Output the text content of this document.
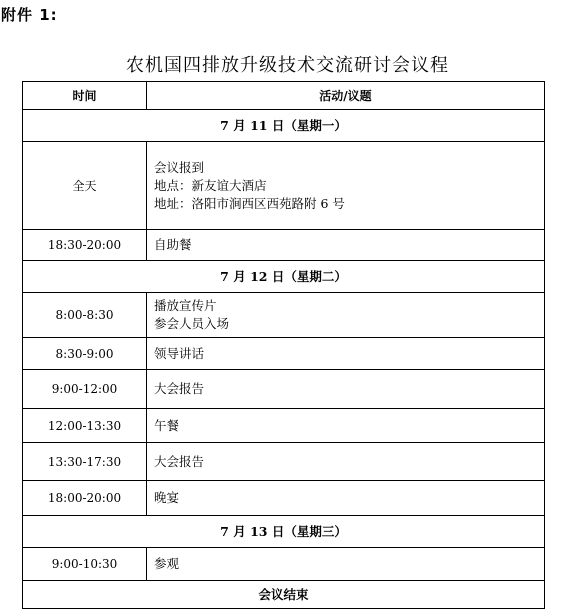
附件 1:
农机国四排放升级技术交流研讨会议程
时间	活动/议题
7 月 11 日（星期一）	
全天	会议报到
地点：新友谊大酒店
地址：洛阳市涧西区西苑路附 6 号

18:30-20:00	自助餐

7 月 12 日（星期二）	
8:00-8:30	播放宣传片
参会人员入场

8:30-9:00	领导讲话

9:00-12:00	大会报告

12:00-13:30	午餐

13:30-17:30	大会报告

18:00-20:00	晚宴

7 月 13 日（星期三）	
9:00-10:30	参观

会议结束	
